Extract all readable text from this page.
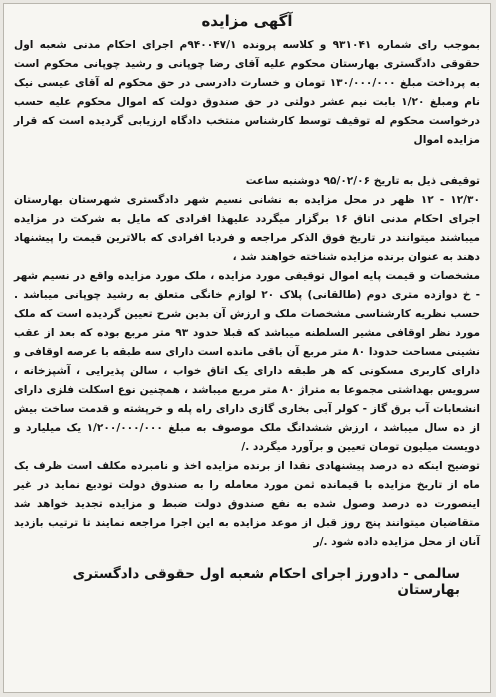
آگهی مزایده

بموجب رای شماره ۹۳۱۰۴۱ و کلاسه پرونده ۹۴۰۰۴۷/۱م اجرای احکام مدنی شعبه اول حقوقی دادگستری بهارستان محکوم علیه آقای رضا چوپانی و رشید چوپانی محکوم است به پرداخت مبلغ ۱۳۰/۰۰۰/۰۰۰ تومان و خسارت دادرسی در حق محکوم له آقای عیسی نیک نام ومبلغ ۱/۲۰ بابت نیم عشر دولتی در حق صندوق دولت که اموال محکوم علیه حسب درخواست محکوم له توقیف توسط کارشناس منتخب دادگاه ارزیابی گردیده است که قرار مزایده اموال

توقیفی ذیل به تاریخ ۹۵/۰۲/۰۶ دوشنبه ساعت

۱۲/۳۰ - ۱۲ ظهر در محل مزایده به نشانی نسیم شهر دادگستری شهرستان بهارستان اجرای احکام مدنی اتاق ۱۶ برگزار میگردد علیهذا افرادی که مایل به شرکت در مزایده میباشند میتوانند در تاریخ فوق الذکر مراجعه و فردیا افرادی که بالاترین قیمت را پیشنهاد دهند به عنوان برنده مزایده شناخته خواهند شد ،

مشخصات و قیمت پایه اموال توقیفی مورد مزایده ، ملک مورد مزایده واقع در نسیم شهر - خ دوازده متری دوم (طالقانی) پلاک ۲۰ لوازم خانگی متعلق به رشید چوپانی میباشد . حسب نظریه کارشناسی مشخصات ملک و ارزش آن بدین شرح تعیین گردیده است که ملک مورد نظر اوقافی مشیر السلطنه میباشد که قبلا حدود ۹۳ متر مربع بوده که بعد از عقب نشینی مساحت حدودا ۸۰ متر مربع آن باقی مانده است دارای سه طبقه با عرصه اوقافی و دارای کاربری مسکونی که هر طبقه دارای یک اتاق خواب ، سالن پذیرایی ، آشپزخانه ، سرویس بهداشتی مجموعا به متراژ ۸۰ متر مربع میباشد ، همچنین نوع اسکلت فلزی دارای انشعابات آب برق گاز - کولر آبی بخاری گازی دارای راه پله و خرپشته و قدمت ساخت بیش از ده سال میباشد ، ارزش ششدانگ ملک موصوف به مبلغ ۱/۲۰۰/۰۰۰/۰۰۰ یک میلیارد و دویست میلیون تومان تعیین و برآورد میگردد ./

توضیح اینکه ده درصد پیشنهادی نقدا از برنده مزایده اخذ و نامبرده مکلف است ظرف یک ماه از تاریخ مزایده با قیمانده ثمن مورد معامله را به صندوق دولت تودیع نماید در غیر اینصورت ده درصد وصول شده به نفع صندوق دولت ضبط و مزایده تجدید خواهد شد متقاضیان میتوانند پنج روز قبل از موعد مزایده به این اجرا مراجعه نمایند تا ترتیب بازدید آنان از محل مزایده داده شود ./ر

سالمی - دادورز اجرای احکام شعبه اول حقوقی دادگستری بهارستان
